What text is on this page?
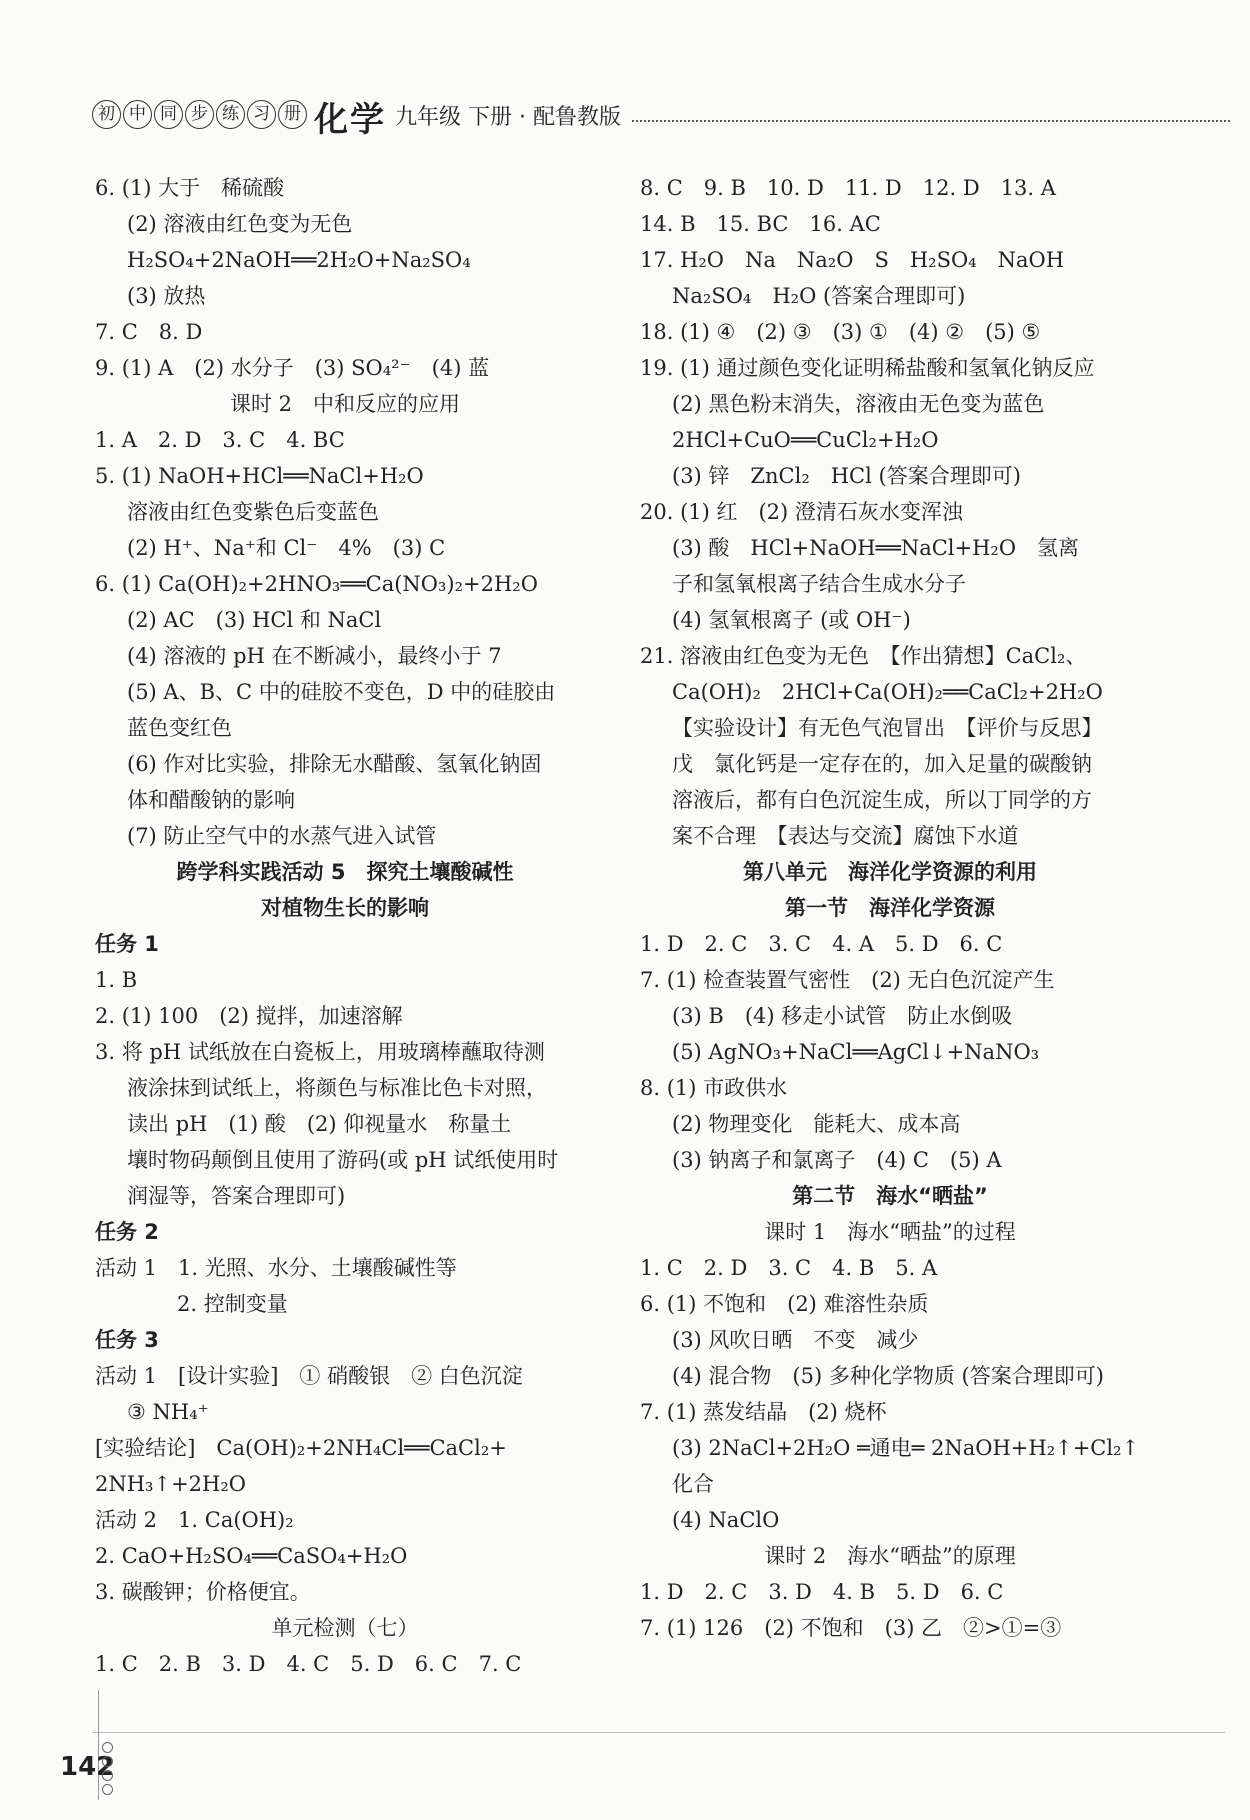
初 中 同 步 练 习 册 化学 九年级 下册 · 配鲁教版
6. (1) 大于　稀硫酸
(2) 溶液由红色变为无色
H₂SO₄+2NaOH══2H₂O+Na₂SO₄
(3) 放热
7. C　8. D
9. (1) A　(2) 水分子　(3) SO₄²⁻　(4) 蓝
课时 2　中和反应的应用
1. A　2. D　3. C　4. BC
5. (1) NaOH+HCl══NaCl+H₂O
溶液由红色变紫色后变蓝色
(2) H⁺、Na⁺和 Cl⁻　4%　(3) C
6. (1) Ca(OH)₂+2HNO₃══Ca(NO₃)₂+2H₂O
(2) AC　(3) HCl 和 NaCl
(4) 溶液的 pH 在不断减小，最终小于 7
(5) A、B、C 中的硅胶不变色，D 中的硅胶由
蓝色变红色
(6) 作对比实验，排除无水醋酸、氢氧化钠固
体和醋酸钠的影响
(7) 防止空气中的水蒸气进入试管
跨学科实践活动 5　探究土壤酸碱性
对植物生长的影响
任务 1
1. B
2. (1) 100　(2) 搅拌，加速溶解
3. 将 pH 试纸放在白瓷板上，用玻璃棒蘸取待测
液涂抹到试纸上，将颜色与标准比色卡对照，
读出 pH　(1) 酸　(2) 仰视量水　称量土
壤时物码颠倒且使用了游码(或 pH 试纸使用时
润湿等，答案合理即可)
任务 2
活动 1　1. 光照、水分、土壤酸碱性等
2. 控制变量
任务 3
活动 1　[设计实验]　① 硝酸银　② 白色沉淀
③ NH₄⁺
[实验结论]　Ca(OH)₂+2NH₄Cl══CaCl₂+
2NH₃↑+2H₂O
活动 2　1. Ca(OH)₂
2. CaO+H₂SO₄══CaSO₄+H₂O
3. 碳酸钾；价格便宜。
单元检测（七）
1. C　2. B　3. D　4. C　5. D　6. C　7. C
8. C　9. B　10. D　11. D　12. D　13. A
14. B　15. BC　16. AC
17. H₂O　Na　Na₂O　S　H₂SO₄　NaOH
Na₂SO₄　H₂O (答案合理即可)
18. (1) ④　(2) ③　(3) ①　(4) ②　(5) ⑤
19. (1) 通过颜色变化证明稀盐酸和氢氧化钠反应
(2) 黑色粉末消失，溶液由无色变为蓝色
2HCl+CuO══CuCl₂+H₂O
(3) 锌　ZnCl₂　HCl (答案合理即可)
20. (1) 红　(2) 澄清石灰水变浑浊
(3) 酸　HCl+NaOH══NaCl+H₂O　氢离
子和氢氧根离子结合生成水分子
(4) 氢氧根离子 (或 OH⁻)
21. 溶液由红色变为无色　【作出猜想】CaCl₂、
Ca(OH)₂　2HCl+Ca(OH)₂══CaCl₂+2H₂O
【实验设计】有无色气泡冒出　【评价与反思】
戊　氯化钙是一定存在的，加入足量的碳酸钠
溶液后，都有白色沉淀生成，所以丁同学的方
案不合理　【表达与交流】腐蚀下水道
第八单元　海洋化学资源的利用
第一节　海洋化学资源
1. D　2. C　3. C　4. A　5. D　6. C
7. (1) 检查装置气密性　(2) 无白色沉淀产生
(3) B　(4) 移走小试管　防止水倒吸
(5) AgNO₃+NaCl══AgCl↓+NaNO₃
8. (1) 市政供水
(2) 物理变化　能耗大、成本高
(3) 钠离子和氯离子　(4) C　(5) A
第二节　海水“晒盐”
课时 1　海水“晒盐”的过程
1. C　2. D　3. C　4. B　5. A
6. (1) 不饱和　(2) 难溶性杂质
(3) 风吹日晒　不变　减少
(4) 混合物　(5) 多种化学物质 (答案合理即可)
7. (1) 蒸发结晶　(2) 烧杯
(3) 2NaCl+2H₂O ═通电═ 2NaOH+H₂↑+Cl₂↑
化合
(4) NaClO
课时 2　海水“晒盐”的原理
1. D　2. C　3. D　4. B　5. D　6. C
7. (1) 126　(2) 不饱和　(3) 乙　②>①=③
142
